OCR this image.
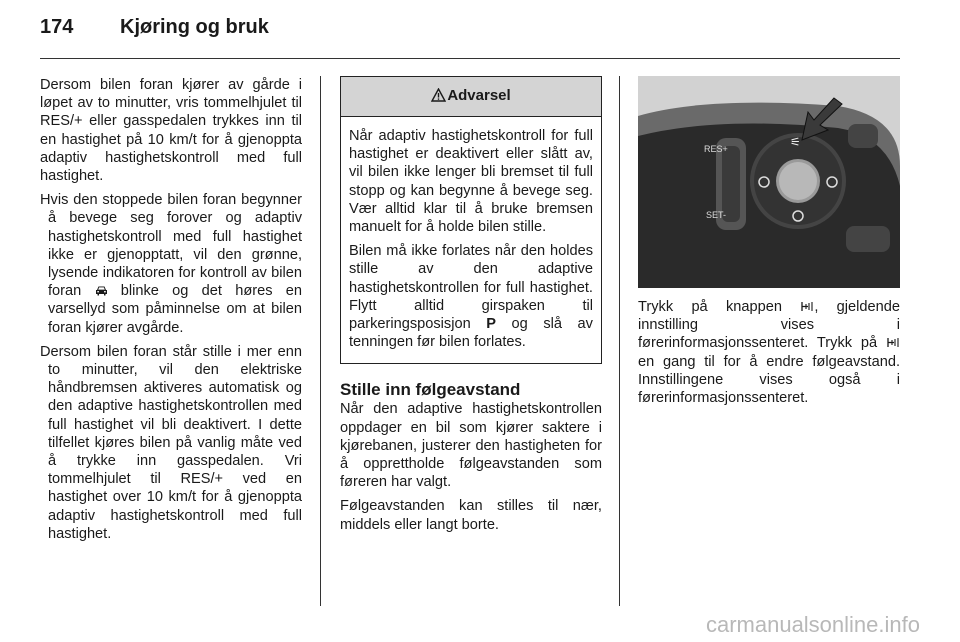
174 Kjøring og bruk

Dersom bilen foran kjører av gårde i løpet av to minutter, vris tommelhjulet til RES/+ eller gasspedalen trykkes inn til en hastighet på 10 km/t for å gjenoppta adaptiv hastighetskontroll med full hastighet.

Hvis den stoppede bilen foran begynner å bevege seg forover og adaptiv hastighetskontroll med full hastighet ikke er gjenopptatt, vil den grønne, lysende indikatoren for kontroll av bilen foran	blinke og det høres en varsellyd som påminnelse om at bilen foran kjører avgårde.

Dersom bilen foran står stille i mer enn to minutter, vil den elektriske håndbremsen aktiveres automatisk og den adaptive hastighetskontrollen med full hastighet vil bli deaktivert. I dette tilfellet kjøres bilen på vanlig måte ved å trykke inn gasspedalen. Vri tommelhjulet til RES/+ ved en hastighet over 10 km/t for å gjenoppta adaptiv hastighetskontroll med full hastighet.

Advarsel

Når adaptiv hastighetskontroll for full hastighet er deaktivert eller slått av, vil bilen ikke lenger bli bremset til full stopp og kan begynne å bevege seg. Vær alltid klar til å bruke bremsen manuelt for å holde bilen stille.

Bilen må ikke forlates når den holdes stille av den adaptive hastighetskontrollen for full hastighet. Flytt alltid girspaken til parkeringsposisjon P og slå av tenningen før bilen forlates.

Stille inn følgeavstand

Når den adaptive hastighetskontrollen oppdager en bil som kjører saktere i kjørebanen, justerer den hastigheten for å opprettholde følgeavstanden som føreren har valgt.

Følgeavstanden kan stilles til nær, middels eller langt borte.

RES+
SET-
⚟

Trykk på knappen , gjeldende innstilling vises i førerinformasjonssenteret. Trykk på  en gang til for å endre følgeavstand. Innstillingene vises også i førerinformasjonssenteret.

carmanualsonline.info
